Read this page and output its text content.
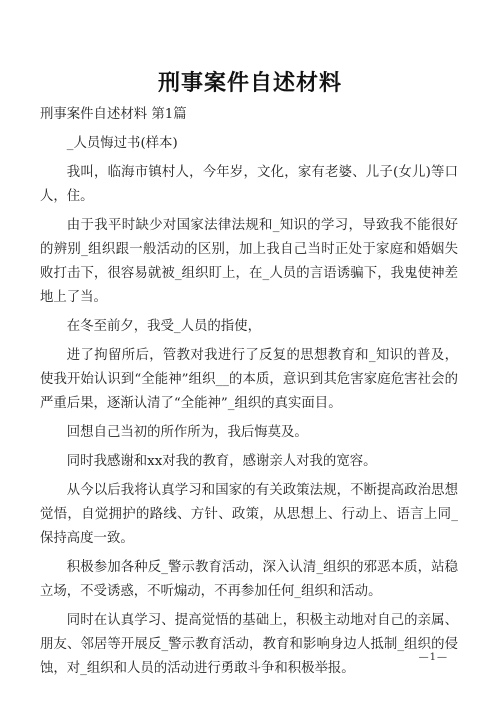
刑事案件自述材料

刑事案件自述材料 第1篇

_人员悔过书(样本)

我叫，临海市镇村人，今年岁，文化，家有老婆、儿子(女儿)等口人，住。

由于我平时缺少对国家法律法规和_知识的学习，导致我不能很好的辨别_组织跟一般活动的区别，加上我自己当时正处于家庭和婚姻失败打击下，很容易就被_组织盯上，在_人员的言语诱骗下，我鬼使神差地上了当。

在冬至前夕，我受_人员的指使，

进了拘留所后，管教对我进行了反复的思想教育和_知识的普及，使我开始认识到“全能神”组织__的本质，意识到其危害家庭危害社会的严重后果，逐渐认清了“全能神”_组织的真实面目。

回想自己当初的所作所为，我后悔莫及。

同时我感谢和xx对我的教育，感谢亲人对我的宽容。

从今以后我将认真学习和国家的有关政策法规，不断提高政治思想觉悟，自觉拥护的路线、方针、政策，从思想上、行动上、语言上同_保持高度一致。

积极参加各种反_警示教育活动，深入认清_组织的邪恶本质，站稳立场，不受诱惑，不听煽动，不再参加任何_组织和活动。

同时在认真学习、提高觉悟的基础上，积极主动地对自己的亲属、朋友、邻居等开展反_警示教育活动，教育和影响身边人抵制_组织的侵蚀，对_组织和人员的活动进行勇敢斗争和积极举报。

—1—
